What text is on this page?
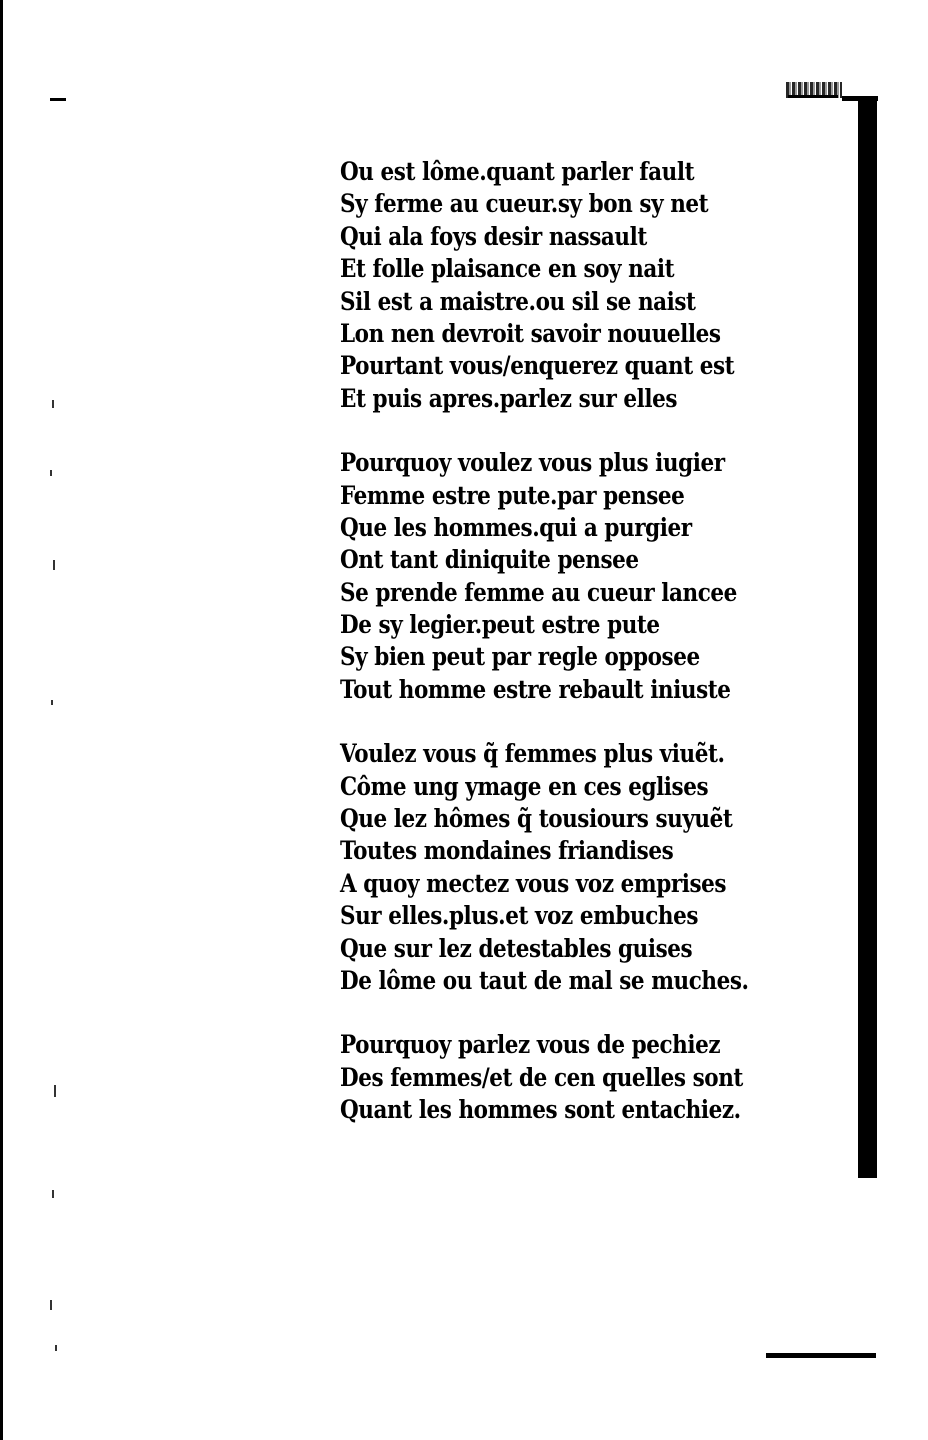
Ou est lôme.quant parler fault
Sy ferme au cueur.sy bon sy net
Qui ala foys desir nassault
Et folle plaisance en soy nait
Sil est a maistre.ou sil se naist
Lon nen devroit savoir nouuelles
Pourtant vous/enquerez quant est
Et puis apres.parlez sur elles
Pourquoy voulez vous plus iugier
Femme estre pute.par pensee
Que les hommes.qui a purgier
Ont tant diniquite pensee
Se prende femme au cueur lancee
De sy legier.peut estre pute
Sy bien peut par regle opposee
Tout homme estre rebault iniuste
Voulez vous q̃ femmes plus viuẽt.
Côme ung ymage en ces eglises
Que lez hômes q̃ tousiours suyuẽt
Toutes mondaines friandises
A quoy mectez vous voz emprises
Sur elles.plus.et voz embuches
Que sur lez detestables guises
De lôme ou taut de mal se muches.
Pourquoy parlez vous de pechiez
Des femmes/et de cen quelles sont
Quant les hommes sont entachiez.
